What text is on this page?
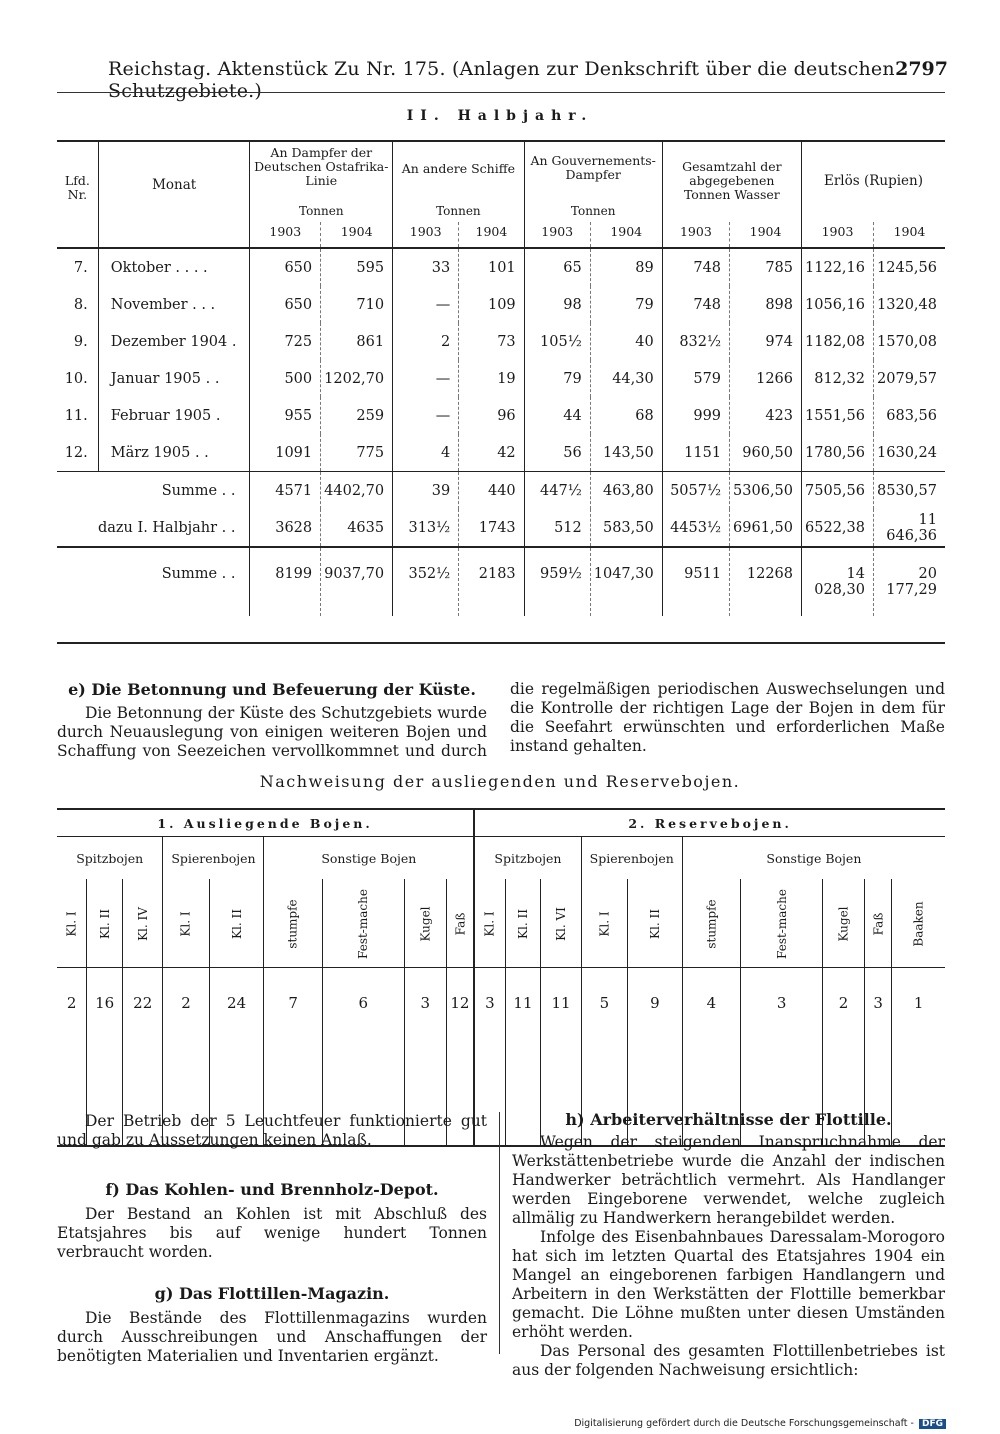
Reichstag. Aktenstück Zu Nr. 175. (Anlagen zur Denkschrift über die deutschen Schutzgebiete.)
2797
II. Halbjahr.
Lfd. Nr.	Monat	An Dampfer der Deutschen Ostafrika-Linie		An andere Schiffe		An Gouvernements-Dampfer		Gesamtzahl der abgegebenen Tonnen Wasser		Erlös (Rupien)	
		Tonnen		Tonnen		Tonnen					
		1903	1904	1903	1904	1903	1904	1903	1904	1903	1904
7.	Oktober . . . .	650	595	33	101	65	89	748	785	1122,16	1245,56
8.	November . . .	650	710	—	109	98	79	748	898	1056,16	1320,48
9.	Dezember 1904 .	725	861	2	73	105½	40	832½	974	1182,08	1570,08
10.	Januar 1905 . .	500	1202,70	—	19	79	44,30	579	1266	812,32	2079,57
11.	Februar 1905 .	955	259	—	96	44	68	999	423	1551,56	683,56
12.	März 1905 . .	1091	775	4	42	56	143,50	1151	960,50	1780,56	1630,24
Summe . .		4571	4402,70	39	440	447½	463,80	5057½	5306,50	7505,56	8530,57
dazu I. Halbjahr . .		3628	4635	313½	1743	512	583,50	4453½	6961,50	6522,38	11 646,36
Summe . .		8199	9037,70	352½	2183	959½	1047,30	9511	12268	14 028,30	20 177,29

e) Die Betonnung und Befeuerung der Küste.

Die Betonnung der Küste des Schutzgebiets wurde durch Neuauslegung von einigen weiteren Bojen und Schaffung von Seezeichen vervollkommnet und durch

die regelmäßigen periodischen Auswechselungen und die Kontrolle der richtigen Lage der Bojen in dem für die Seefahrt erwünschten und erforderlichen Maße instand gehalten.

Nachweisung der ausliegenden und Reservebojen.
1. Ausliegende Bojen.									2. Reservebojen.									
Spitzbojen			Spierenbojen		Sonstige Bojen				Spitzbojen			Spierenbojen		Sonstige Bojen				
Kl. I	Kl. II	Kl. IV	Kl. I	Kl. II	stumpfe	Fest-mache	Kugel	Faß	Kl. I	Kl. II	Kl. VI	Kl. I	Kl. II	stumpfe	Fest-mache	Kugel	Faß	Baaken
2	16	22	2	24	7	6	3	12	3	11	11	5	9	4	3	2	3	1

Der Betrieb der 5 Leuchtfeuer funktionierte gut und gab zu Aussetzungen keinen Anlaß.

f) Das Kohlen- und Brennholz-Depot.

Der Bestand an Kohlen ist mit Abschluß des Etatsjahres bis auf wenige hundert Tonnen verbraucht worden.

g) Das Flottillen-Magazin.

Die Bestände des Flottillenmagazins wurden durch Ausschreibungen und Anschaffungen der benötigten Materialien und Inventarien ergänzt.

h) Arbeiterverhältnisse der Flottille.

Wegen der steigenden Inanspruchnahme der Werkstättenbetriebe wurde die Anzahl der indischen Handwerker beträchtlich vermehrt. Als Handlanger werden Eingeborene verwendet, welche zugleich allmälig zu Handwerkern herangebildet werden.

Infolge des Eisenbahnbaues Daressalam-Morogoro hat sich im letzten Quartal des Etatsjahres 1904 ein Mangel an eingeborenen farbigen Handlangern und Arbeitern in den Werkstätten der Flottille bemerkbar gemacht. Die Löhne mußten unter diesen Umständen erhöht werden.

Das Personal des gesamten Flottillenbetriebes ist aus der folgenden Nachweisung ersichtlich:

Digitalisierung gefördert durch die Deutsche Forschungsgemeinschaft - DFG
